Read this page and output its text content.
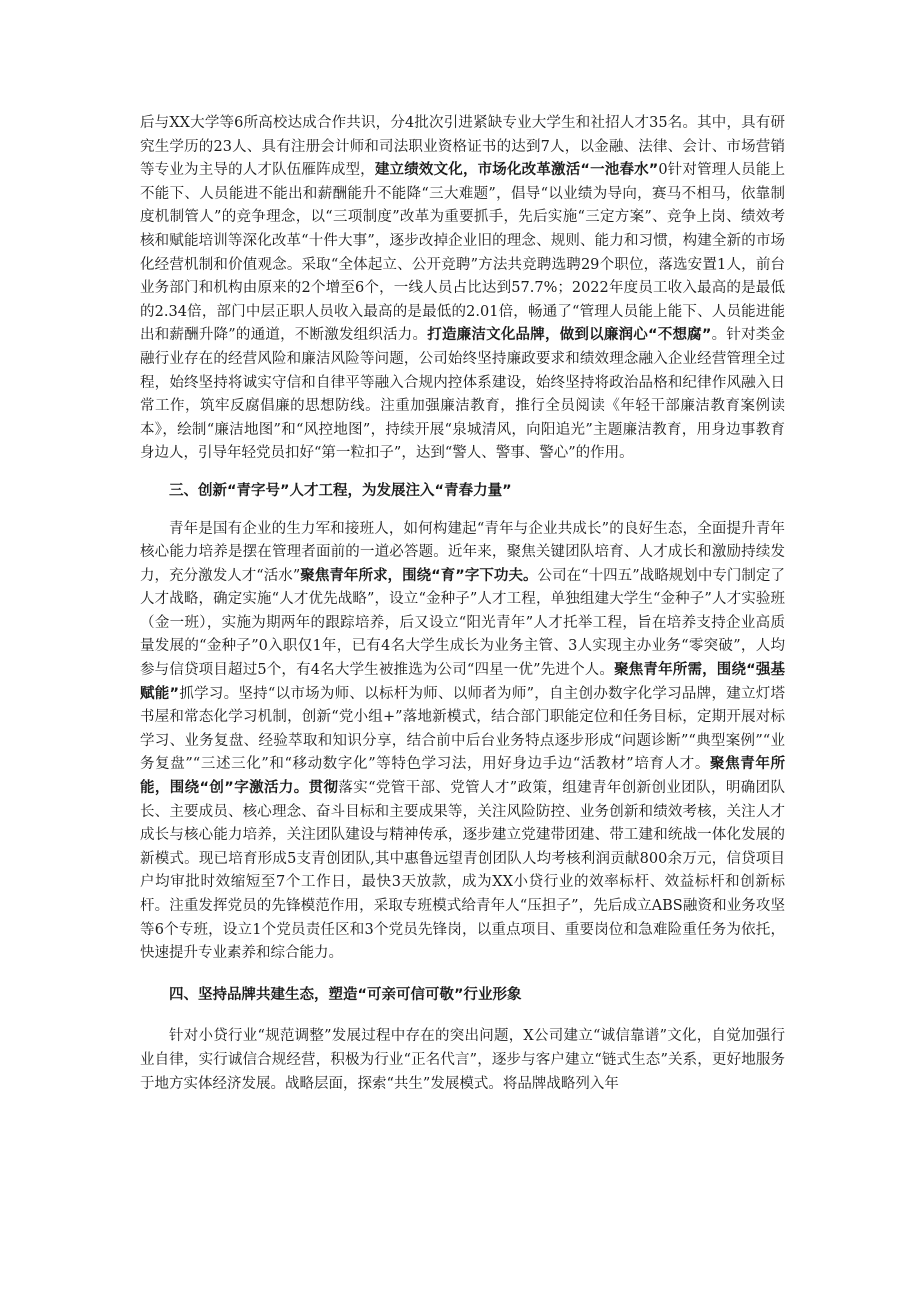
后与XX大学等6所高校达成合作共识，分4批次引进紧缺专业大学生和社招人才35名。其中，具有研究生学历的23人、具有注册会计师和司法职业资格证书的达到7人，以金融、法律、会计、市场营销等专业为主导的人才队伍雁阵成型，建立绩效文化，市场化改革激活“一池春水”0针对管理人员能上不能下、人员能进不能出和薪酬能升不能降“三大难题”，倡导“以业绩为导向，赛马不相马，依靠制度机制管人”的竞争理念，以“三项制度”改革为重要抓手，先后实施“三定方案”、竞争上岗、绩效考核和赋能培训等深化改革“十件大事”，逐步改掉企业旧的理念、规则、能力和习惯，构建全新的市场化经营机制和价值观念。采取“全体起立、公开竞聘”方法共竞聘选聘29个职位，落选安置1人，前台业务部门和机构由原来的2个增至6个，一线人员占比达到57.7%；2022年度员工收入最高的是最低的2.34倍，部门中层正职人员收入最高的是最低的2.01倍，畅通了“管理人员能上能下、人员能进能出和薪酬升降”的通道，不断激发组织活力。打造廉洁文化品牌，做到以廉润心“不想腐”。针对类金融行业存在的经营风险和廉洁风险等问题，公司始终坚持廉政要求和绩效理念融入企业经营管理全过程，始终坚持将诚实守信和自律平等融入合规内控体系建设，始终坚持将政治品格和纪律作风融入日常工作，筑牢反腐倡廉的思想防线。注重加强廉洁教育，推行全员阅读《年轻干部廉洁教育案例读本》，绘制“廉洁地图”和“风控地图”，持续开展“泉城清风，向阳追光”主题廉洁教育，用身边事教育身边人，引导年轻党员扣好“第一粒扣子”，达到“警人、警事、警心”的作用。

三、创新“青字号”人才工程，为发展注入“青春力量”

青年是国有企业的生力军和接班人，如何构建起“青年与企业共成长”的良好生态，全面提升青年核心能力培养是摆在管理者面前的一道必答题。近年来，聚焦关键团队培育、人才成长和激励持续发力，充分激发人才“活水”聚焦青年所求，围绕“育”字下功夫。公司在“十四五”战略规划中专门制定了人才战略，确定实施“人才优先战略”，设立“金种子”人才工程，单独组建大学生“金种子”人才实验班（金一班），实施为期两年的跟踪培养，后又设立“阳光青年”人才托举工程，旨在培养支持企业高质量发展的“金种子”0入职仅1年，已有4名大学生成长为业务主管、3人实现主办业务“零突破”，人均参与信贷项目超过5个，有4名大学生被推选为公司“四星一优”先进个人。聚焦青年所需，围绕“强基赋能”抓学习。坚持“以市场为师、以标杆为师、以师者为师”，自主创办数字化学习品牌，建立灯塔书屋和常态化学习机制，创新“党小组+”落地新模式，结合部门职能定位和任务目标，定期开展对标学习、业务复盘、经验萃取和知识分享，结合前中后台业务特点逐步形成“问题诊断”“典型案例”“业务复盘”“三述三化”和“移动数字化”等特色学习法，用好身边手边“活教材”培育人才。聚焦青年所能，围绕“创”字激活力。贯彻落实“党管干部、党管人才”政策，组建青年创新创业团队，明确团队长、主要成员、核心理念、奋斗目标和主要成果等，关注风险防控、业务创新和绩效考核，关注人才成长与核心能力培养，关注团队建设与精神传承，逐步建立党建带团建、带工建和统战一体化发展的新模式。现已培育形成5支青创团队,其中惠鲁远望青创团队人均考核利润贡献800余万元，信贷项目户均审批时效缩短至7个工作日，最快3天放款，成为XX小贷行业的效率标杆、效益标杆和创新标杆。注重发挥党员的先锋模范作用，采取专班模式给青年人“压担子”，先后成立ABS融资和业务攻坚等6个专班，设立1个党员责任区和3个党员先锋岗，以重点项目、重要岗位和急难险重任务为依托，快速提升专业素养和综合能力。

四、坚持品牌共建生态，塑造“可亲可信可敬”行业形象

针对小贷行业“规范调整”发展过程中存在的突出问题，X公司建立“诚信靠谱”文化，自觉加强行业自律，实行诚信合规经营，积极为行业“正名代言”，逐步与客户建立“链式生态”关系，更好地服务于地方实体经济发展。战略层面，探索“共生”发展模式。将品牌战略列入年
